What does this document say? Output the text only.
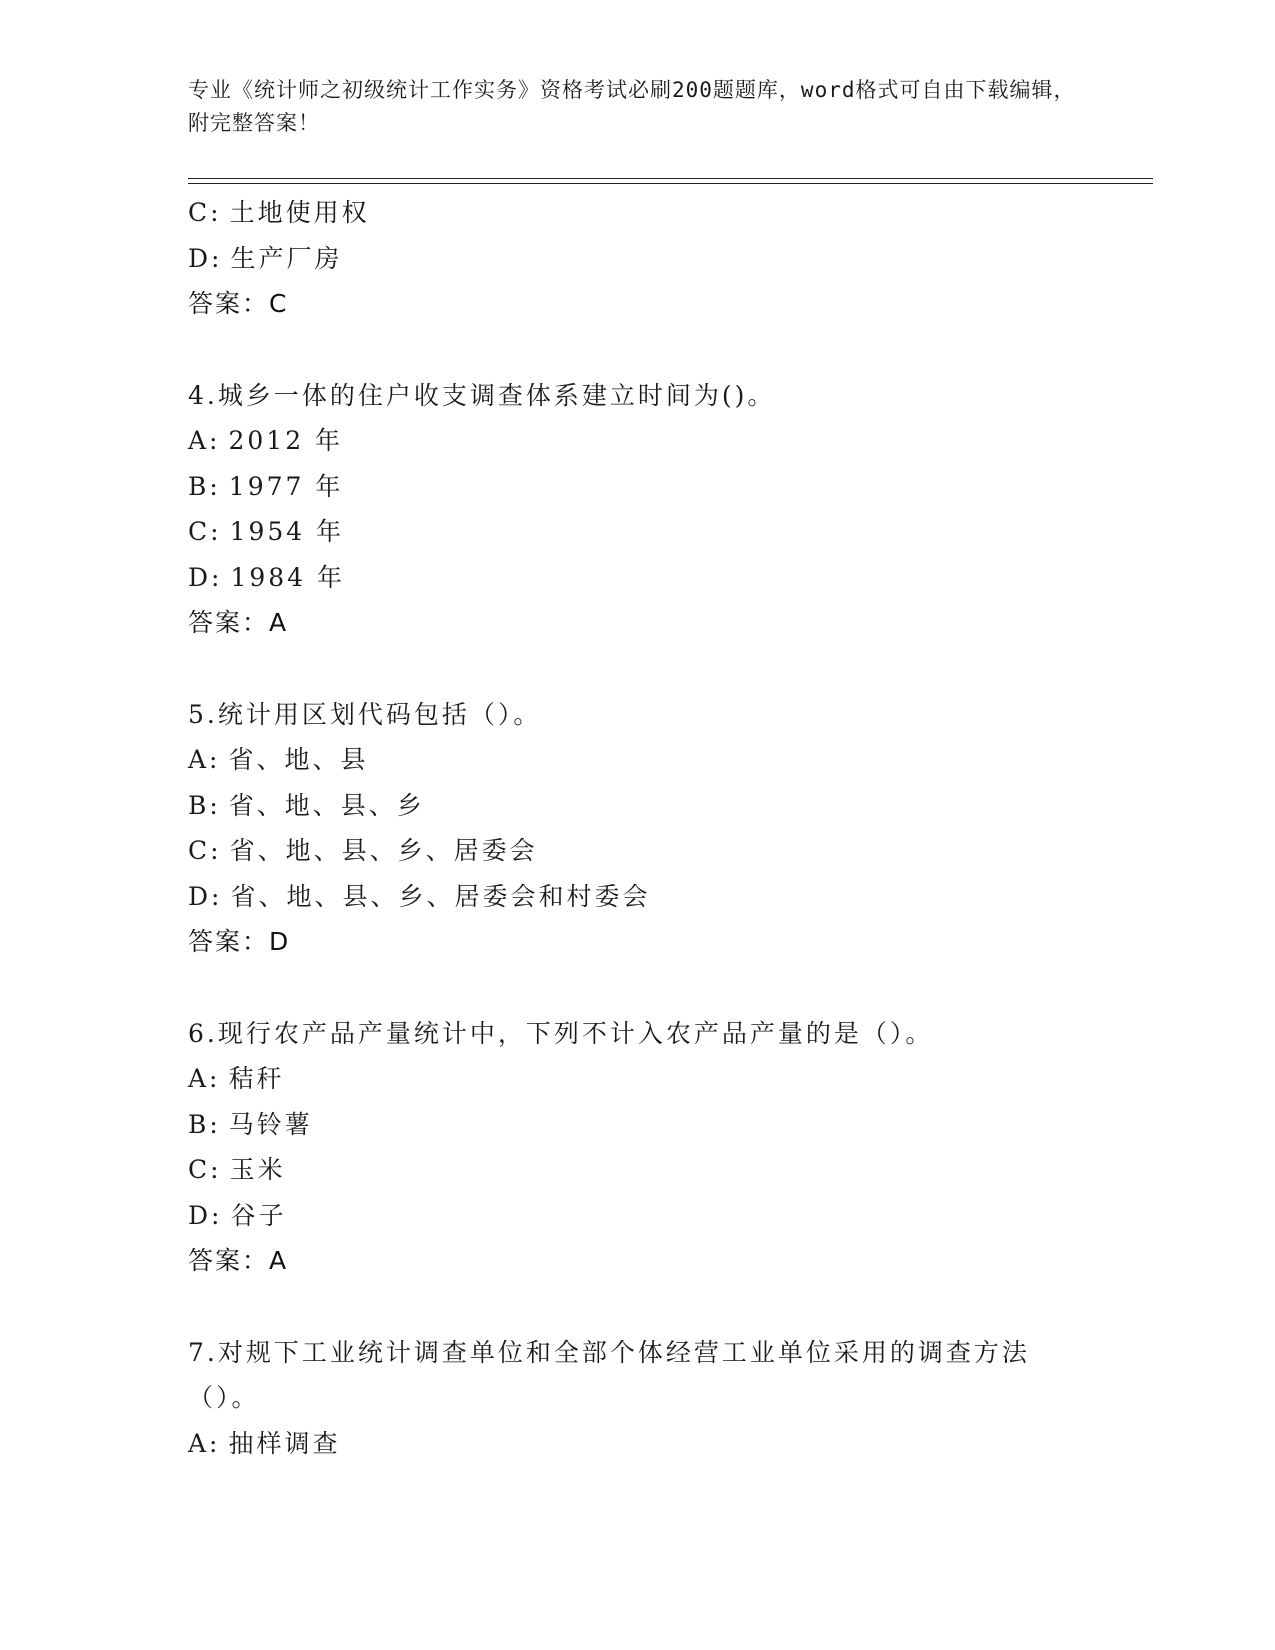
专业《统计师之初级统计工作实务》资格考试必刷200题题库，word格式可自由下载编辑，附完整答案！
C: 土地使用权
D: 生产厂房
答案：C
4.城乡一体的住户收支调查体系建立时间为()。
A: 2012 年
B: 1977 年
C: 1954 年
D: 1984 年
答案：A
5.统计用区划代码包括（）。
A: 省、地、县
B: 省、地、县、乡
C: 省、地、县、乡、居委会
D: 省、地、县、乡、居委会和村委会
答案：D
6.现行农产品产量统计中，下列不计入农产品产量的是（）。
A: 秸秆
B: 马铃薯
C: 玉米
D: 谷子
答案：A
7.对规下工业统计调查单位和全部个体经营工业单位采用的调查方法（）。
A: 抽样调查
